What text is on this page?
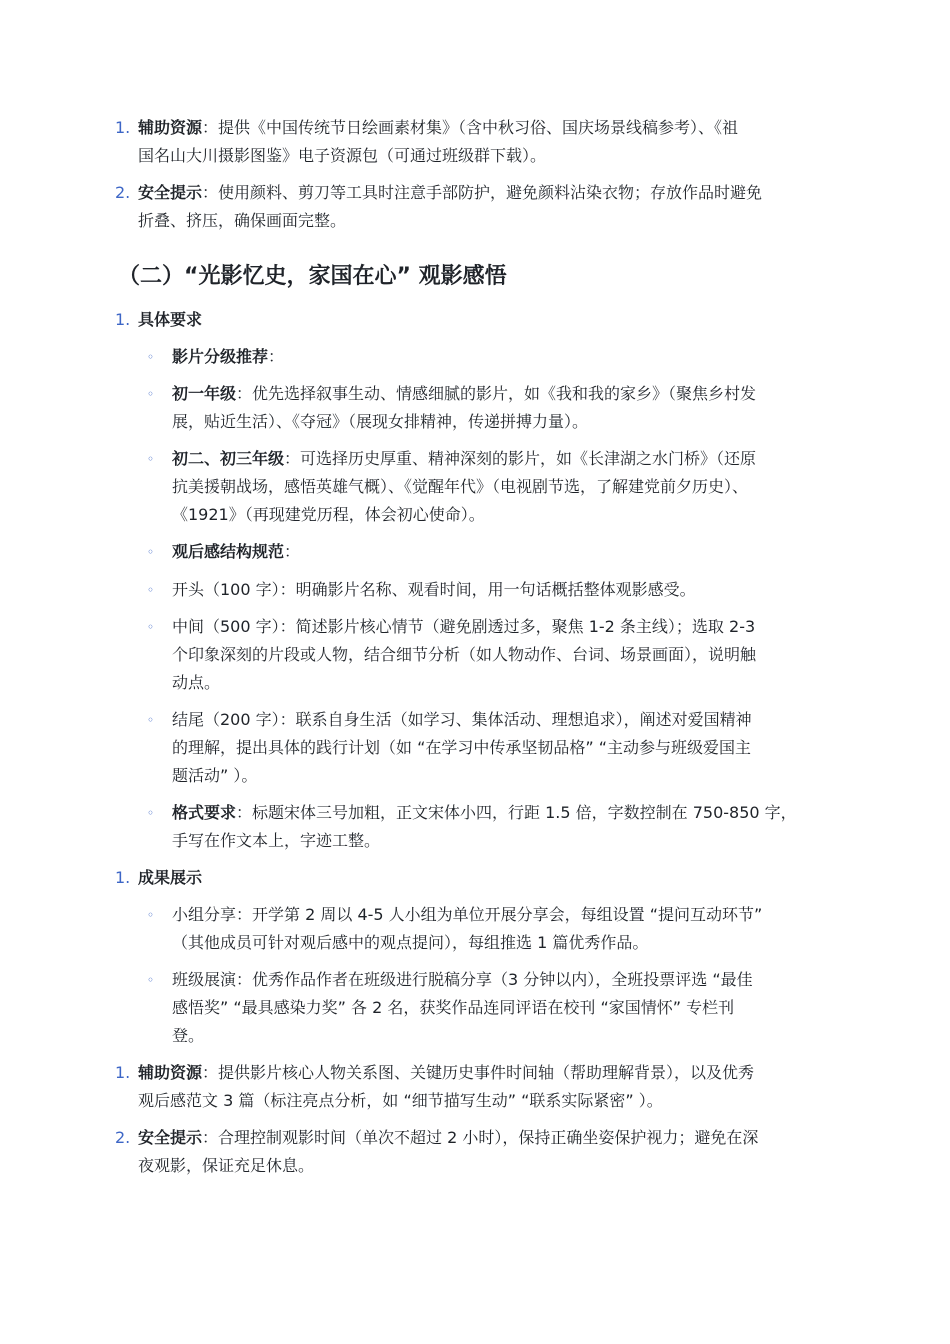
1. 辅助资源：提供《中国传统节日绘画素材集》（含中秋习俗、国庆场景线稿参考）、《祖
国名山大川摄影图鉴》电子资源包（可通过班级群下载）。
2. 安全提示：使用颜料、剪刀等工具时注意手部防护，避免颜料沾染衣物；存放作品时避免
折叠、挤压，确保画面完整。
（二）“光影忆史，家国在心” 观影感悟
1. 具体要求
◦	影片分级推荐：
◦	初一年级：优先选择叙事生动、情感细腻的影片，如《我和我的家乡》（聚焦乡村发
展，贴近生活）、《夺冠》（展现女排精神，传递拼搏力量）。
◦	初二、初三年级：可选择历史厚重、精神深刻的影片，如《长津湖之水门桥》（还原
抗美援朝战场，感悟英雄气概）、《觉醒年代》（电视剧节选，了解建党前夕历史）、
《1921》（再现建党历程，体会初心使命）。
◦	观后感结构规范：
◦	开头（100 字）：明确影片名称、观看时间，用一句话概括整体观影感受。
◦	中间（500 字）：简述影片核心情节（避免剧透过多，聚焦 1-2 条主线）；选取 2-3
个印象深刻的片段或人物，结合细节分析（如人物动作、台词、场景画面），说明触
动点。
◦	结尾（200 字）：联系自身生活（如学习、集体活动、理想追求），阐述对爱国精神
的理解，提出具体的践行计划（如 “在学习中传承坚韧品格” “主动参与班级爱国主
题活动” ）。
◦	格式要求：标题宋体三号加粗，正文宋体小四，行距 1.5 倍，字数控制在 750-850 字，
手写在作文本上，字迹工整。
1. 成果展示
◦	小组分享：开学第 2 周以 4-5 人小组为单位开展分享会，每组设置 “提问互动环节”
（其他成员可针对观后感中的观点提问），每组推选 1 篇优秀作品。
◦	班级展演：优秀作品作者在班级进行脱稿分享（3 分钟以内），全班投票评选 “最佳
感悟奖” “最具感染力奖” 各 2 名，获奖作品连同评语在校刊 “家国情怀” 专栏刊
登。
1. 辅助资源：提供影片核心人物关系图、关键历史事件时间轴（帮助理解背景），以及优秀
观后感范文 3 篇（标注亮点分析，如 “细节描写生动” “联系实际紧密” ）。
2. 安全提示：合理控制观影时间（单次不超过 2 小时），保持正确坐姿保护视力；避免在深
夜观影，保证充足休息。
